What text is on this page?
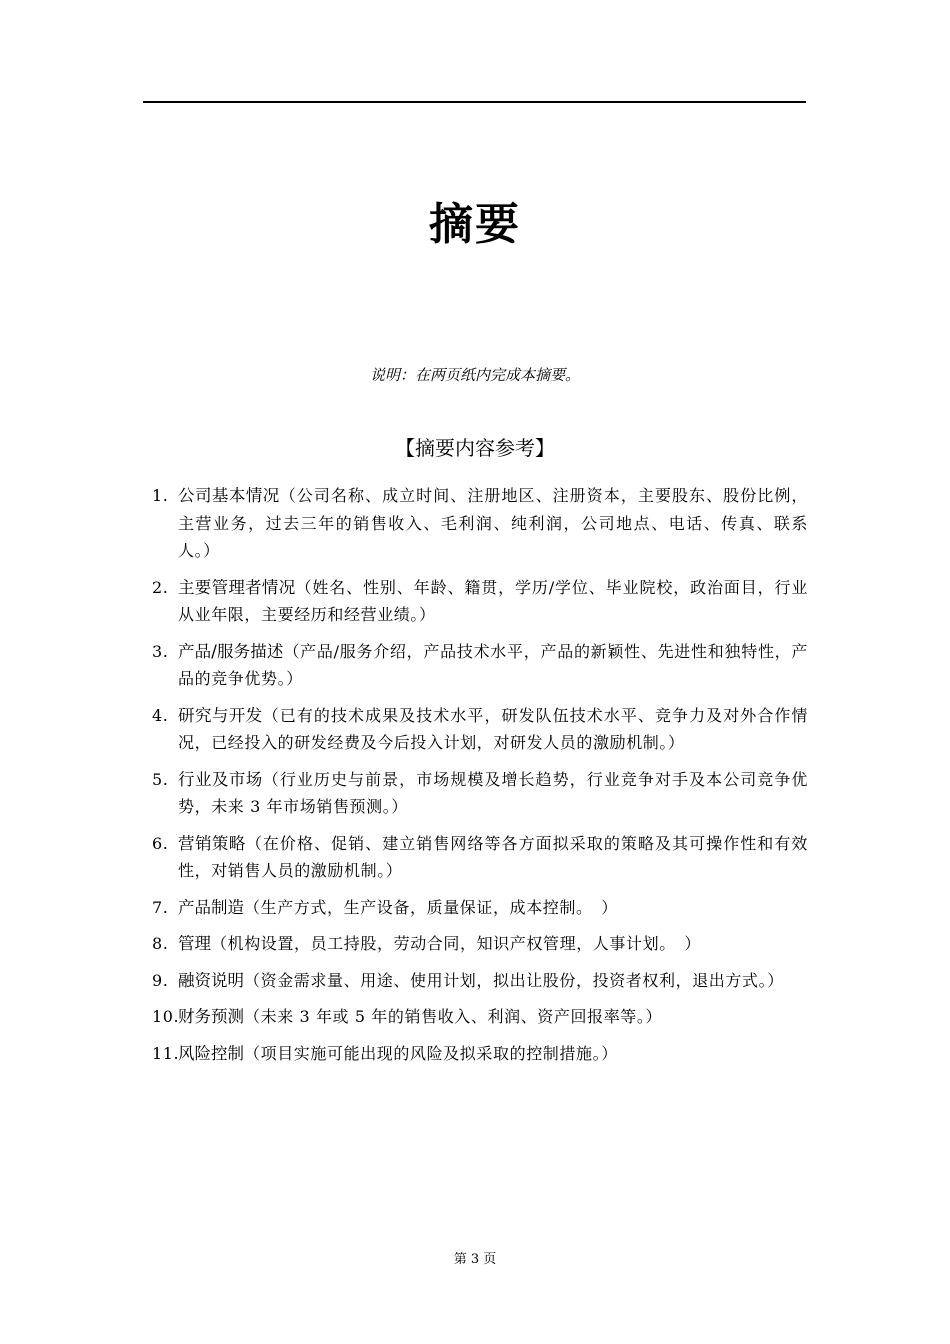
摘要
说明：在两页纸内完成本摘要。
【摘要内容参考】
1. 公司基本情况（公司名称、成立时间、注册地区、注册资本，主要股东、股份比例，主营业务，过去三年的销售收入、毛利润、纯利润，公司地点、电话、传真、联系人。）
2. 主要管理者情况（姓名、性别、年龄、籍贯，学历/学位、毕业院校，政治面目，行业从业年限，主要经历和经营业绩。）
3. 产品/服务描述（产品/服务介绍，产品技术水平，产品的新颖性、先进性和独特性，产品的竞争优势。）
4. 研究与开发（已有的技术成果及技术水平，研发队伍技术水平、竞争力及对外合作情况，已经投入的研发经费及今后投入计划，对研发人员的激励机制。）
5. 行业及市场（行业历史与前景，市场规模及增长趋势，行业竞争对手及本公司竞争优势，未来 3 年市场销售预测。）
6. 营销策略（在价格、促销、建立销售网络等各方面拟采取的策略及其可操作性和有效性，对销售人员的激励机制。）
7. 产品制造（生产方式，生产设备，质量保证，成本控制。　）
8. 管理（机构设置，员工持股，劳动合同，知识产权管理，人事计划。　）
9. 融资说明（资金需求量、用途、使用计划，拟出让股份，投资者权利，退出方式。）
10.
财务预测（未来 3 年或 5 年的销售收入、利润、资产回报率等。）
11.
风险控制（项目实施可能出现的风险及拟采取的控制措施。）
第 3 页
